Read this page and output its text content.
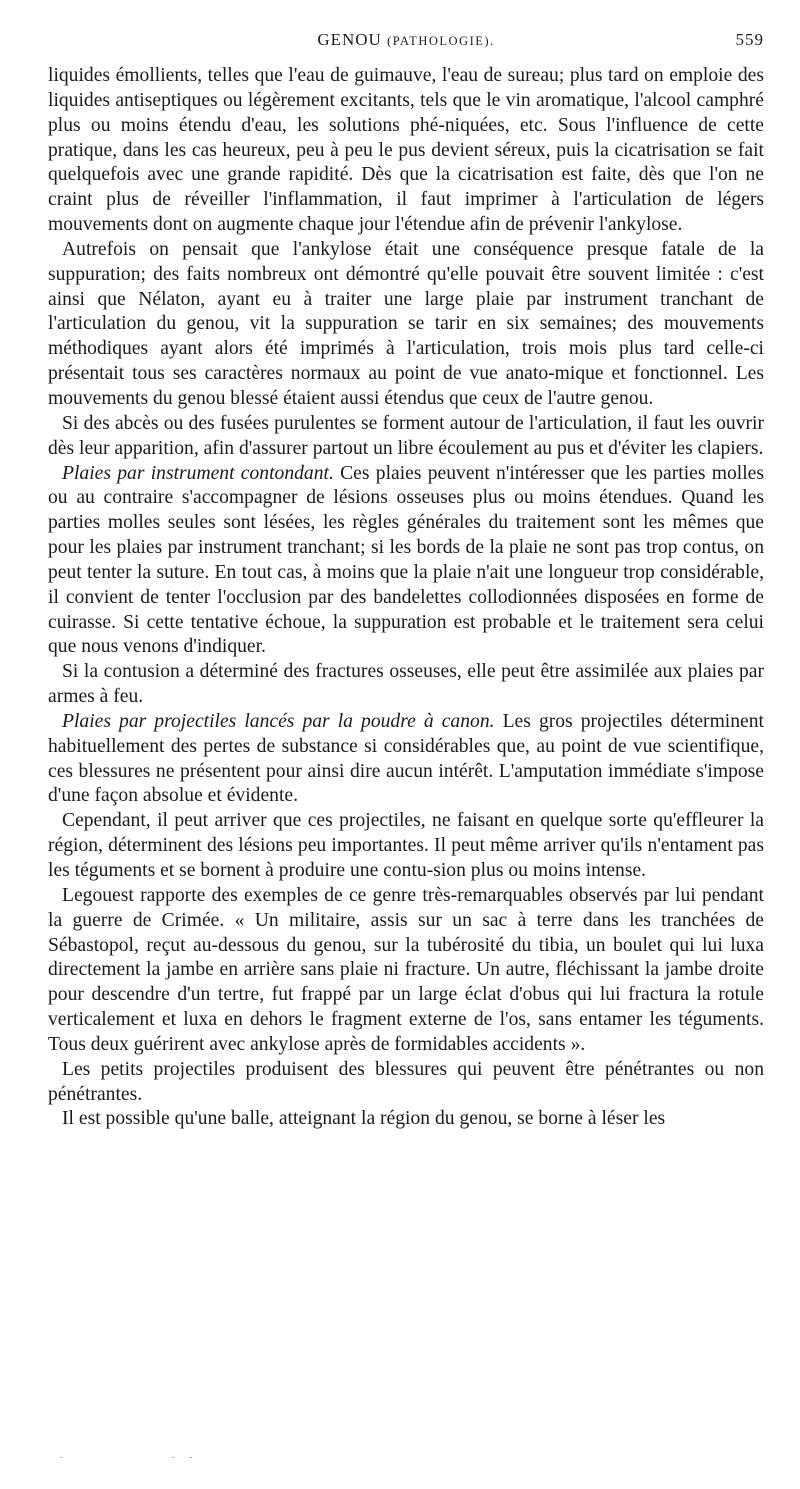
GENOU (PATHOLOGIE).	559

liquides émollients, telles que l'eau de guimauve, l'eau de sureau; plus tard on emploie des liquides antiseptiques ou légèrement excitants, tels que le vin aromatique, l'alcool camphré plus ou moins étendu d'eau, les solutions phé-niquées, etc. Sous l'influence de cette pratique, dans les cas heureux, peu à peu le pus devient séreux, puis la cicatrisation se fait quelquefois avec une grande rapidité. Dès que la cicatrisation est faite, dès que l'on ne craint plus de réveiller l'inflammation, il faut imprimer à l'articulation de légers mouvements dont on augmente chaque jour l'étendue afin de prévenir l'ankylose.

Autrefois on pensait que l'ankylose était une conséquence presque fatale de la suppuration; des faits nombreux ont démontré qu'elle pouvait être souvent limitée : c'est ainsi que Nélaton, ayant eu à traiter une large plaie par instrument tranchant de l'articulation du genou, vit la suppuration se tarir en six semaines; des mouvements méthodiques ayant alors été imprimés à l'articulation, trois mois plus tard celle-ci présentait tous ses caractères normaux au point de vue anato-mique et fonctionnel. Les mouvements du genou blessé étaient aussi étendus que ceux de l'autre genou.

Si des abcès ou des fusées purulentes se forment autour de l'articulation, il faut les ouvrir dès leur apparition, afin d'assurer partout un libre écoulement au pus et d'éviter les clapiers.

Plaies par instrument contondant. Ces plaies peuvent n'intéresser que les parties molles ou au contraire s'accompagner de lésions osseuses plus ou moins étendues. Quand les parties molles seules sont lésées, les règles générales du traitement sont les mêmes que pour les plaies par instrument tranchant; si les bords de la plaie ne sont pas trop contus, on peut tenter la suture. En tout cas, à moins que la plaie n'ait une longueur trop considérable, il convient de tenter l'occlusion par des bandelettes collodionnées disposées en forme de cuirasse. Si cette tentative échoue, la suppuration est probable et le traitement sera celui que nous venons d'indiquer.

Si la contusion a déterminé des fractures osseuses, elle peut être assimilée aux plaies par armes à feu.

Plaies par projectiles lancés par la poudre à canon. Les gros projectiles déterminent habituellement des pertes de substance si considérables que, au point de vue scientifique, ces blessures ne présentent pour ainsi dire aucun intérêt. L'amputation immédiate s'impose d'une façon absolue et évidente.

Cependant, il peut arriver que ces projectiles, ne faisant en quelque sorte qu'effleurer la région, déterminent des lésions peu importantes. Il peut même arriver qu'ils n'entament pas les téguments et se bornent à produire une contu-sion plus ou moins intense.

Legouest rapporte des exemples de ce genre très-remarquables observés par lui pendant la guerre de Crimée. « Un militaire, assis sur un sac à terre dans les tranchées de Sébastopol, reçut au-dessous du genou, sur la tubérosité du tibia, un boulet qui lui luxa directement la jambe en arrière sans plaie ni fracture. Un autre, fléchissant la jambe droite pour descendre d'un tertre, fut frappé par un large éclat d'obus qui lui fractura la rotule verticalement et luxa en dehors le fragment externe de l'os, sans entamer les téguments. Tous deux guérirent avec ankylose après de formidables accidents ».

Les petits projectiles produisent des blessures qui peuvent être pénétrantes ou non pénétrantes.

Il est possible qu'une balle, atteignant la région du genou, se borne à léser les

-            - -
